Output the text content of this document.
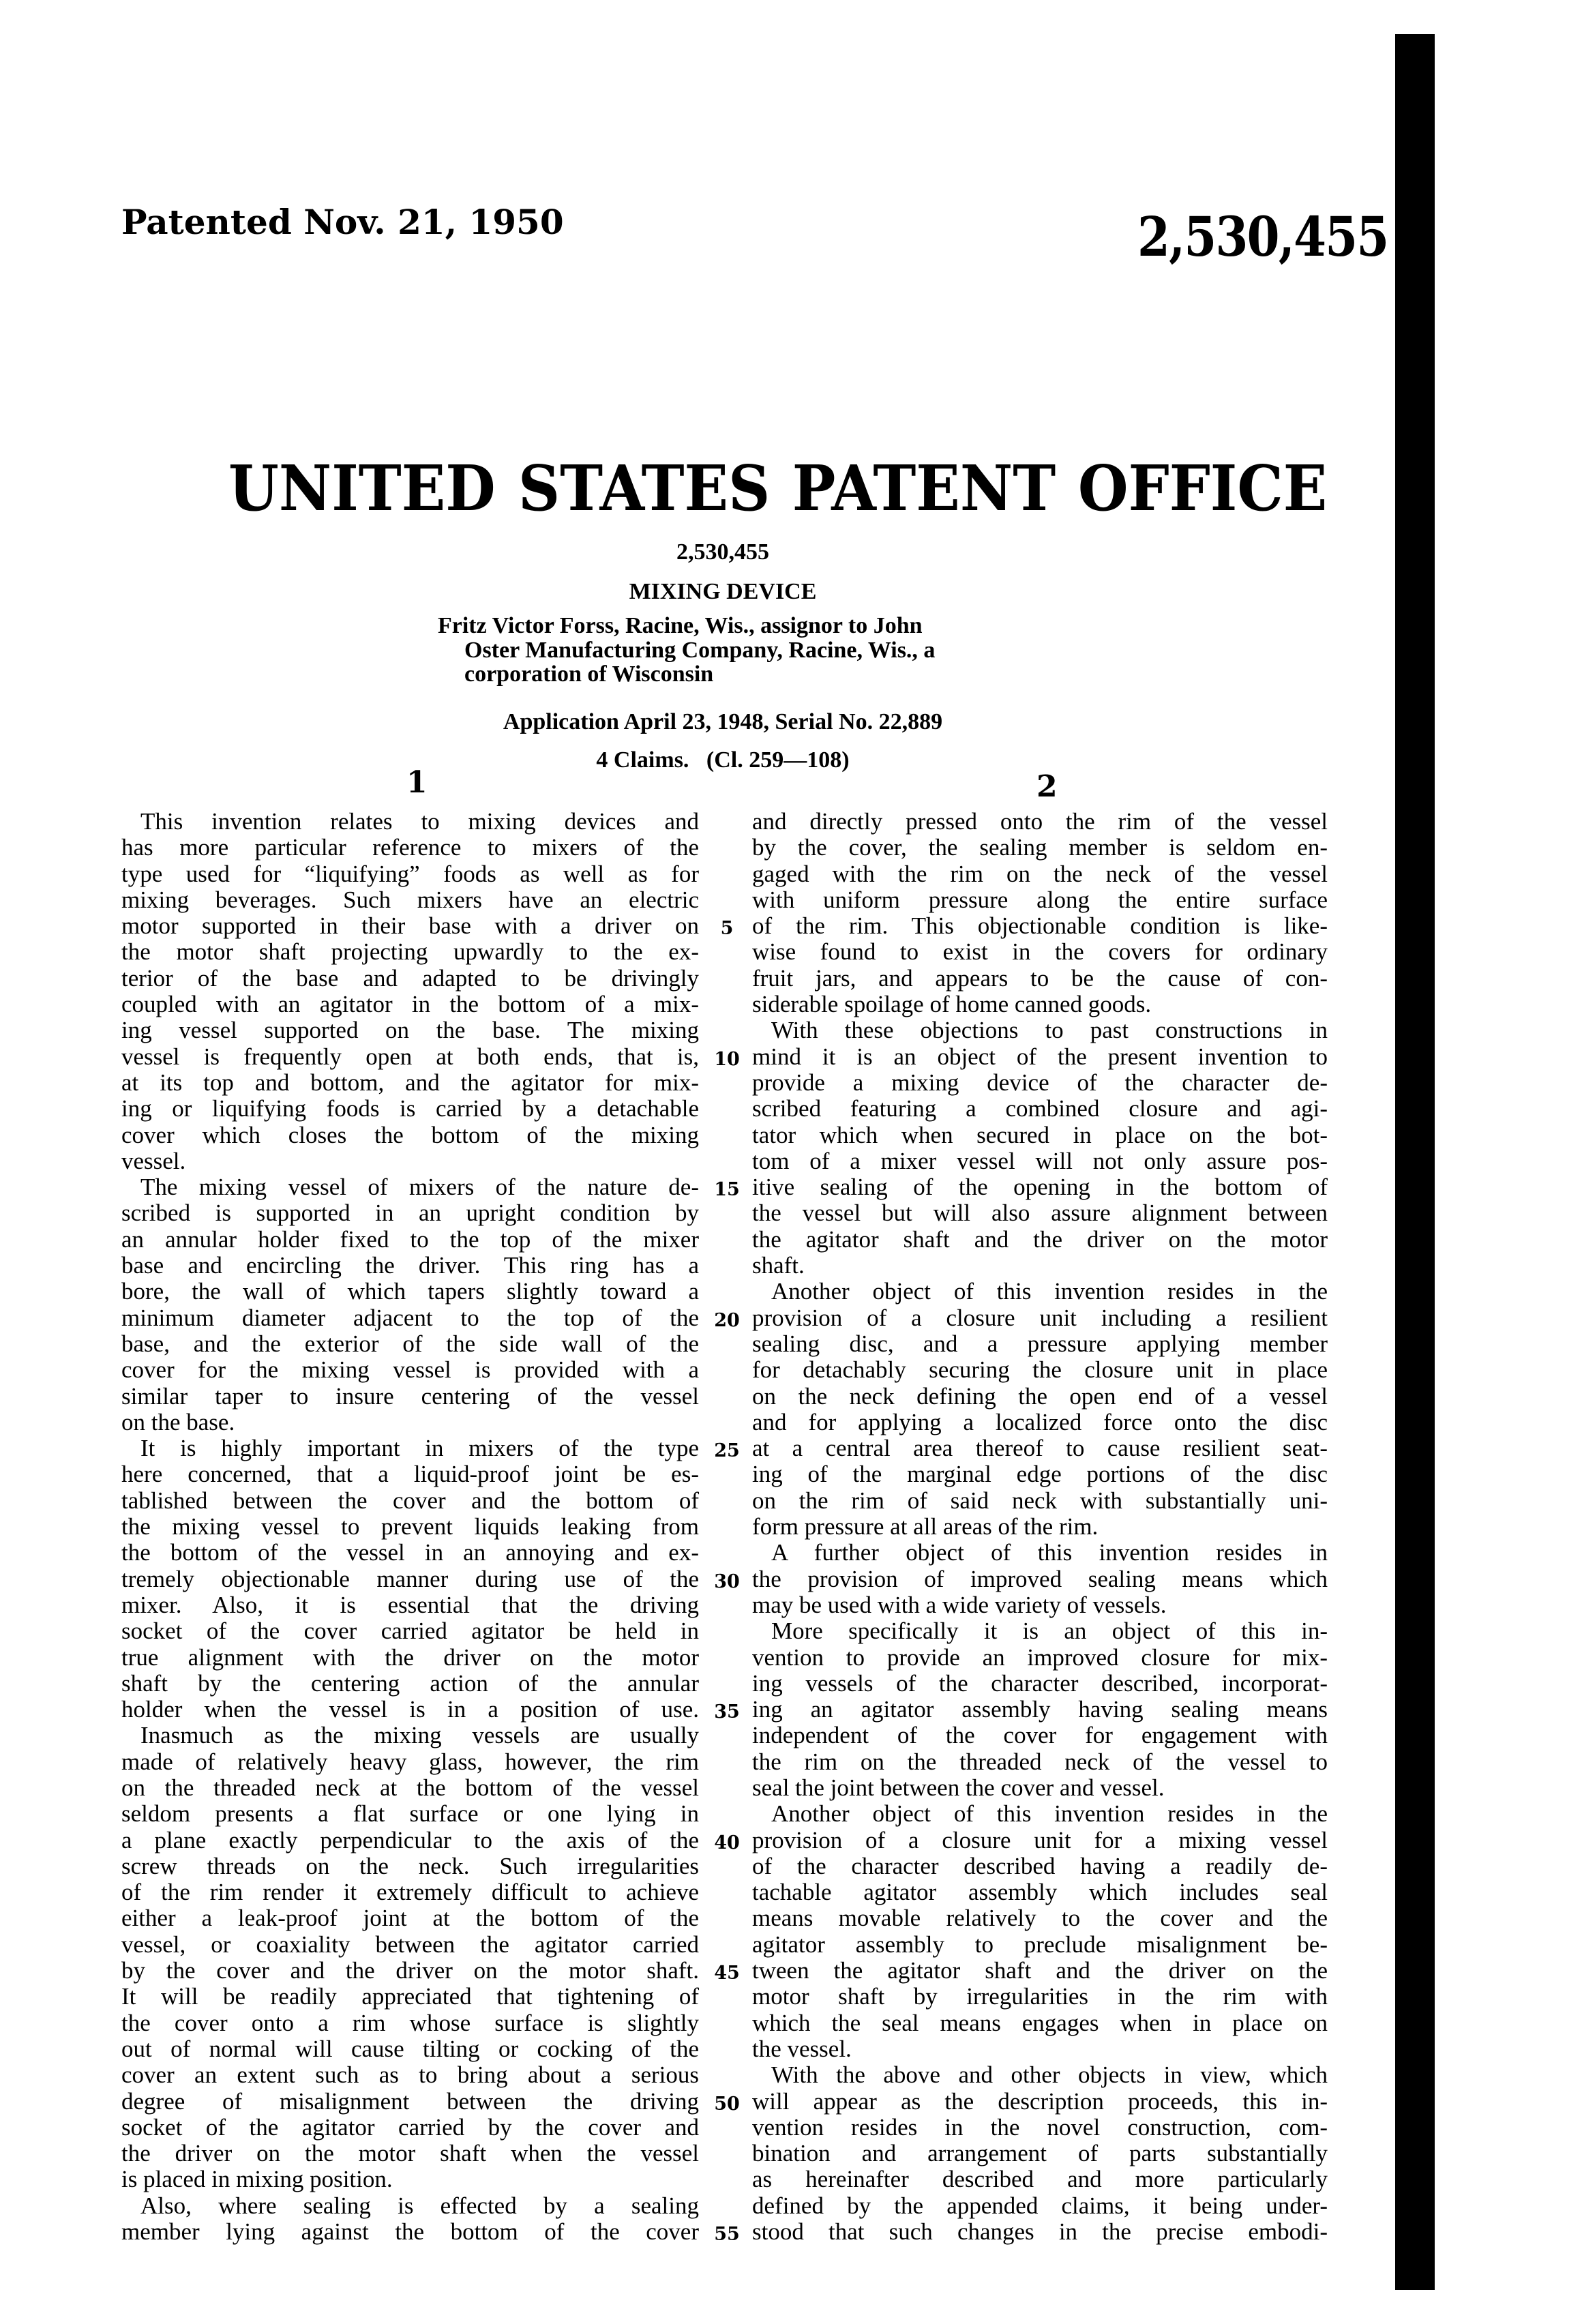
Patented Nov. 21, 1950	2,530,455
UNITED STATES PATENT OFFICE
2,530,455
MIXING DEVICE
Fritz Victor Forss, Racine, Wis., assignor to John
Oster Manufacturing Company, Racine, Wis., a
corporation of Wisconsin
Application April 23, 1948, Serial No. 22,889
4 Claims.   (Cl. 259—108)
1	2
This invention relates to mixing devices and
has more particular reference to mixers of the
type used for “liquifying” foods as well as for
mixing beverages. Such mixers have an electric
motor supported in their base with a driver on
the motor shaft projecting upwardly to the ex-
terior of the base and adapted to be drivingly
coupled with an agitator in the bottom of a mix-
ing vessel supported on the base. The mixing
vessel is frequently open at both ends, that is,
at its top and bottom, and the agitator for mix-
ing or liquifying foods is carried by a detachable
cover which closes the bottom of the mixing
vessel.
The mixing vessel of mixers of the nature de-
scribed is supported in an upright condition by
an annular holder fixed to the top of the mixer
base and encircling the driver. This ring has a
bore, the wall of which tapers slightly toward a
minimum diameter adjacent to the top of the
base, and the exterior of the side wall of the
cover for the mixing vessel is provided with a
similar taper to insure centering of the vessel
on the base.
It is highly important in mixers of the type
here concerned, that a liquid-proof joint be es-
tablished between the cover and the bottom of
the mixing vessel to prevent liquids leaking from
the bottom of the vessel in an annoying and ex-
tremely objectionable manner during use of the
mixer. Also, it is essential that the driving
socket of the cover carried agitator be held in
true alignment with the driver on the motor
shaft by the centering action of the annular
holder when the vessel is in a position of use.
Inasmuch as the mixing vessels are usually
made of relatively heavy glass, however, the rim
on the threaded neck at the bottom of the vessel
seldom presents a flat surface or one lying in
a plane exactly perpendicular to the axis of the
screw threads on the neck. Such irregularities
of the rim render it extremely difficult to achieve
either a leak-proof joint at the bottom of the
vessel, or coaxiality between the agitator carried
by the cover and the driver on the motor shaft.
It will be readily appreciated that tightening of
the cover onto a rim whose surface is slightly
out of normal will cause tilting or cocking of the
cover an extent such as to bring about a serious
degree of misalignment between the driving
socket of the agitator carried by the cover and
the driver on the motor shaft when the vessel
is placed in mixing position.
Also, where sealing is effected by a sealing
member lying against the bottom of the cover
5
10
15
20
25
30
35
40
45
50
55
and directly pressed onto the rim of the vessel
by the cover, the sealing member is seldom en-
gaged with the rim on the neck of the vessel
with uniform pressure along the entire surface
of the rim. This objectionable condition is like-
wise found to exist in the covers for ordinary
fruit jars, and appears to be the cause of con-
siderable spoilage of home canned goods.
With these objections to past constructions in
mind it is an object of the present invention to
provide a mixing device of the character de-
scribed featuring a combined closure and agi-
tator which when secured in place on the bot-
tom of a mixer vessel will not only assure pos-
itive sealing of the opening in the bottom of
the vessel but will also assure alignment between
the agitator shaft and the driver on the motor
shaft.
Another object of this invention resides in the
provision of a closure unit including a resilient
sealing disc, and a pressure applying member
for detachably securing the closure unit in place
on the neck defining the open end of a vessel
and for applying a localized force onto the disc
at a central area thereof to cause resilient seat-
ing of the marginal edge portions of the disc
on the rim of said neck with substantially uni-
form pressure at all areas of the rim.
A further object of this invention resides in
the provision of improved sealing means which
may be used with a wide variety of vessels.
More specifically it is an object of this in-
vention to provide an improved closure for mix-
ing vessels of the character described, incorporat-
ing an agitator assembly having sealing means
independent of the cover for engagement with
the rim on the threaded neck of the vessel to
seal the joint between the cover and vessel.
Another object of this invention resides in the
provision of a closure unit for a mixing vessel
of the character described having a readily de-
tachable agitator assembly which includes seal
means movable relatively to the cover and the
agitator assembly to preclude misalignment be-
tween the agitator shaft and the driver on the
motor shaft by irregularities in the rim with
which the seal means engages when in place on
the vessel.
With the above and other objects in view, which
will appear as the description proceeds, this in-
vention resides in the novel construction, com-
bination and arrangement of parts substantially
as hereinafter described and more particularly
defined by the appended claims, it being under-
stood that such changes in the precise embodi-
